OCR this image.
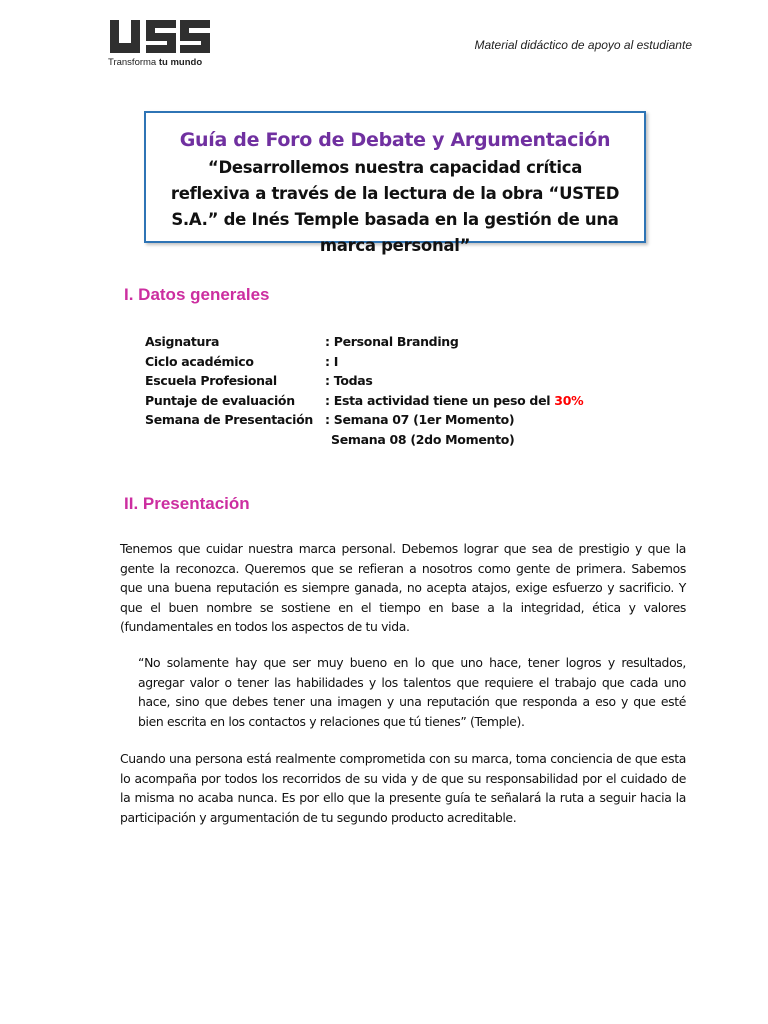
Transforma tu mundo
Material didáctico de apoyo al estudiante
Guía de Foro de Debate y Argumentación
“Desarrollemos nuestra capacidad crítica reflexiva a través de la lectura de la obra “USTED S.A.” de Inés Temple basada en la gestión de una marca personal”
I. Datos generales
Asignatura	: Personal Branding
Ciclo académico	: I
Escuela Profesional	: Todas
Puntaje de evaluación : Esta actividad tiene un peso del 30%
Semana de Presentación : Semana 07 (1er Momento)
Semana 08 (2do Momento)
II. Presentación
Tenemos que cuidar nuestra marca personal. Debemos lograr que sea de prestigio y que la gente la reconozca. Queremos que se refieran a nosotros como gente de primera. Sabemos que una buena reputación es siempre ganada, no acepta atajos, exige esfuerzo y sacrificio. Y que el buen nombre se sostiene en el tiempo en base a la integridad, ética y valores (fundamentales en todos los aspectos de tu vida.
“No solamente hay que ser muy bueno en lo que uno hace, tener logros y resultados, agregar valor o tener las habilidades y los talentos que requiere el trabajo que cada uno hace, sino que debes tener una imagen y una reputación que responda a eso y que esté bien escrita en los contactos y relaciones que tú tienes” (Temple).
Cuando una persona está realmente comprometida con su marca, toma conciencia de que esta lo acompaña por todos los recorridos de su vida y de que su responsabilidad por el cuidado de la misma no acaba nunca. Es por ello que la presente guía te señalará la ruta a seguir hacia la participación y argumentación de tu segundo producto acreditable.
